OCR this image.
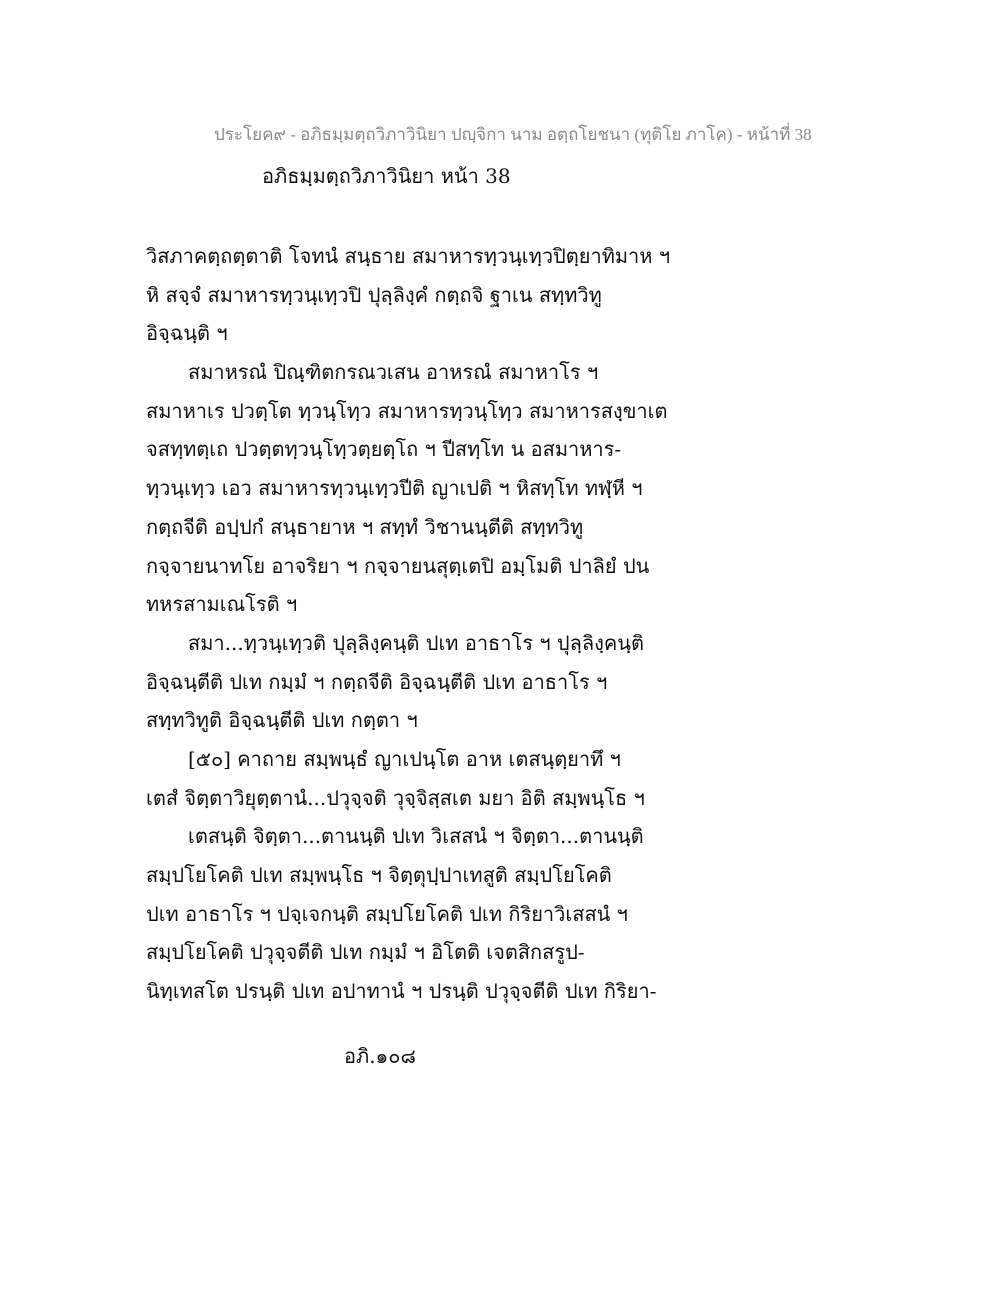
ประโยค๙ - อภิธมฺมตฺถวิภาวินิยา ปญฺจิกา นาม อตฺถโยชนา (ทุติโย ภาโค) - หน้าที่ 38
อภิธมฺมตฺถวิภาวินิยา หน้า 38
วิสภาคตฺถตฺตาติ โจทนํ สนฺธาย สมาหารทฺวนฺเทฺวปิตฺยาทิมาห ฯ
หิ สจฺจํ สมาหารทฺวนฺเทฺวปิ ปุลฺลิงฺคํ กตฺถจิ ฐาเน สทฺทวิทู
อิจฺฉนฺติ ฯ
สมาหรณํ ปิณฺฑิตกรณวเสน อาหรณํ สมาหาโร ฯ
สมาหาเร ปวตฺโต ทฺวนฺโทฺว สมาหารทฺวนฺโทฺว สมาหารสงฺขาเต
จสทฺทตฺเถ ปวตฺตทฺวนฺโทฺวตฺยตฺโถ ฯ ปีสทฺโท น อสมาหาร-
ทฺวนฺเทฺว เอว สมาหารทฺวนฺเทฺวปีติ ญาเปติ ฯ หิสทฺโท ทฬฺหี ฯ
กตฺถจีติ อปฺปกํ สนฺธายาห ฯ สทฺทํ วิชานนฺตีติ สทฺทวิทู
กจฺจายนาทโย อาจริยา ฯ กจฺจายนสุตฺเตปิ อมฺโมติ ปาลิยํ ปน
ทหรสามเณโรติ ฯ
สมา...ทฺวนฺเทฺวติ ปุลฺลิงฺคนฺติ ปเท อาธาโร ฯ ปุลฺลิงฺคนฺติ
อิจฺฉนฺตีติ ปเท กมฺมํ ฯ กตฺถจีติ อิจฺฉนฺตีติ ปเท อาธาโร ฯ
สทฺทวิทูติ อิจฺฉนฺตีติ ปเท กตฺตา ฯ
[๕๐] คาถาย สมฺพนฺธํ ญาเปนฺโต อาห เตสนฺตฺยาทึ ฯ
เตสํ จิตฺตาวิยุตฺตานํ...ปวุจฺจติ วุจฺจิสฺสเต มยา อิติ สมฺพนฺโธ ฯ
เตสนฺติ จิตฺตา...ตานนฺติ ปเท วิเสสนํ ฯ จิตฺตา...ตานนฺติ
สมฺปโยโคติ ปเท สมฺพนฺโธ ฯ จิตฺตุปฺปาเทสูติ สมฺปโยโคติ
ปเท อาธาโร ฯ ปจฺเจกนฺติ สมฺปโยโคติ ปเท กิริยาวิเสสนํ ฯ
สมฺปโยโคติ ปวุจฺจตีติ ปเท กมฺมํ ฯ อิโตติ เจตสิกสรูป-
นิทฺเทสโต ปรนฺติ ปเท อปาทานํ ฯ ปรนฺติ ปวุจฺจตีติ ปเท กิริยา-
อภิ.๑๐๘
